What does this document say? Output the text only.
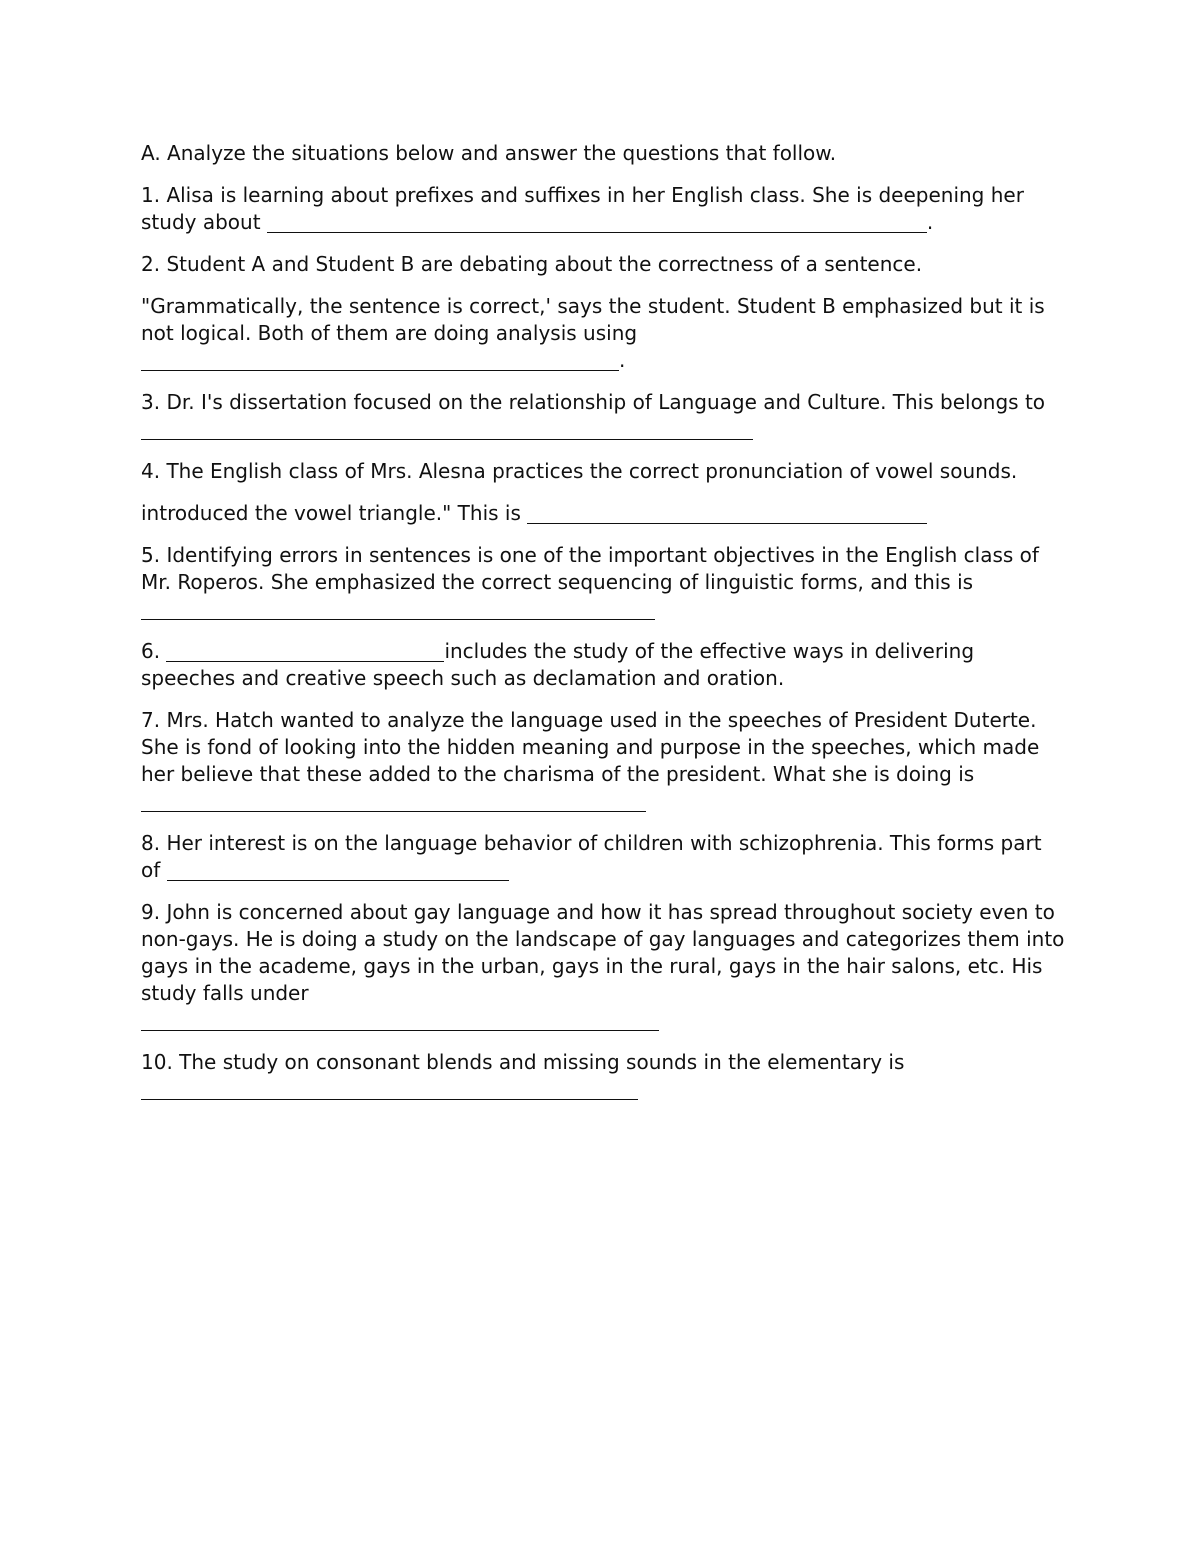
A. Analyze the situations below and answer the questions that follow.

1. Alisa is learning about prefixes and suffixes in her English class. She is deepening her study about	.

2. Student A and Student B are debating about the correctness of a sentence.

"Grammatically, the sentence is correct,' says the student. Student B emphasized but it is not logical. Both of them are doing analysis using
.

3. Dr. I's dissertation focused on the relationship of Language and Culture. This belongs to

4. The English class of Mrs. Alesna practices the correct pronunciation of vowel sounds.

introduced the vowel triangle." This is

5. Identifying errors in sentences is one of the important objectives in the English class of Mr. Roperos. She emphasized the correct sequencing of linguistic forms, and this is

6.	includes the study of the effective ways in delivering speeches and creative speech such as declamation and oration.

7. Mrs. Hatch wanted to analyze the language used in the speeches of President Duterte. She is fond of looking into the hidden meaning and purpose in the speeches, which made her believe that these added to the charisma of the president. What she is doing is

8. Her interest is on the language behavior of children with schizophrenia. This forms part of

9. John is concerned about gay language and how it has spread throughout society even to non-gays. He is doing a study on the landscape of gay languages and categorizes them into gays in the academe, gays in the urban, gays in the rural, gays in the hair salons, etc. His study falls under

10. The study on consonant blends and missing sounds in the elementary is
